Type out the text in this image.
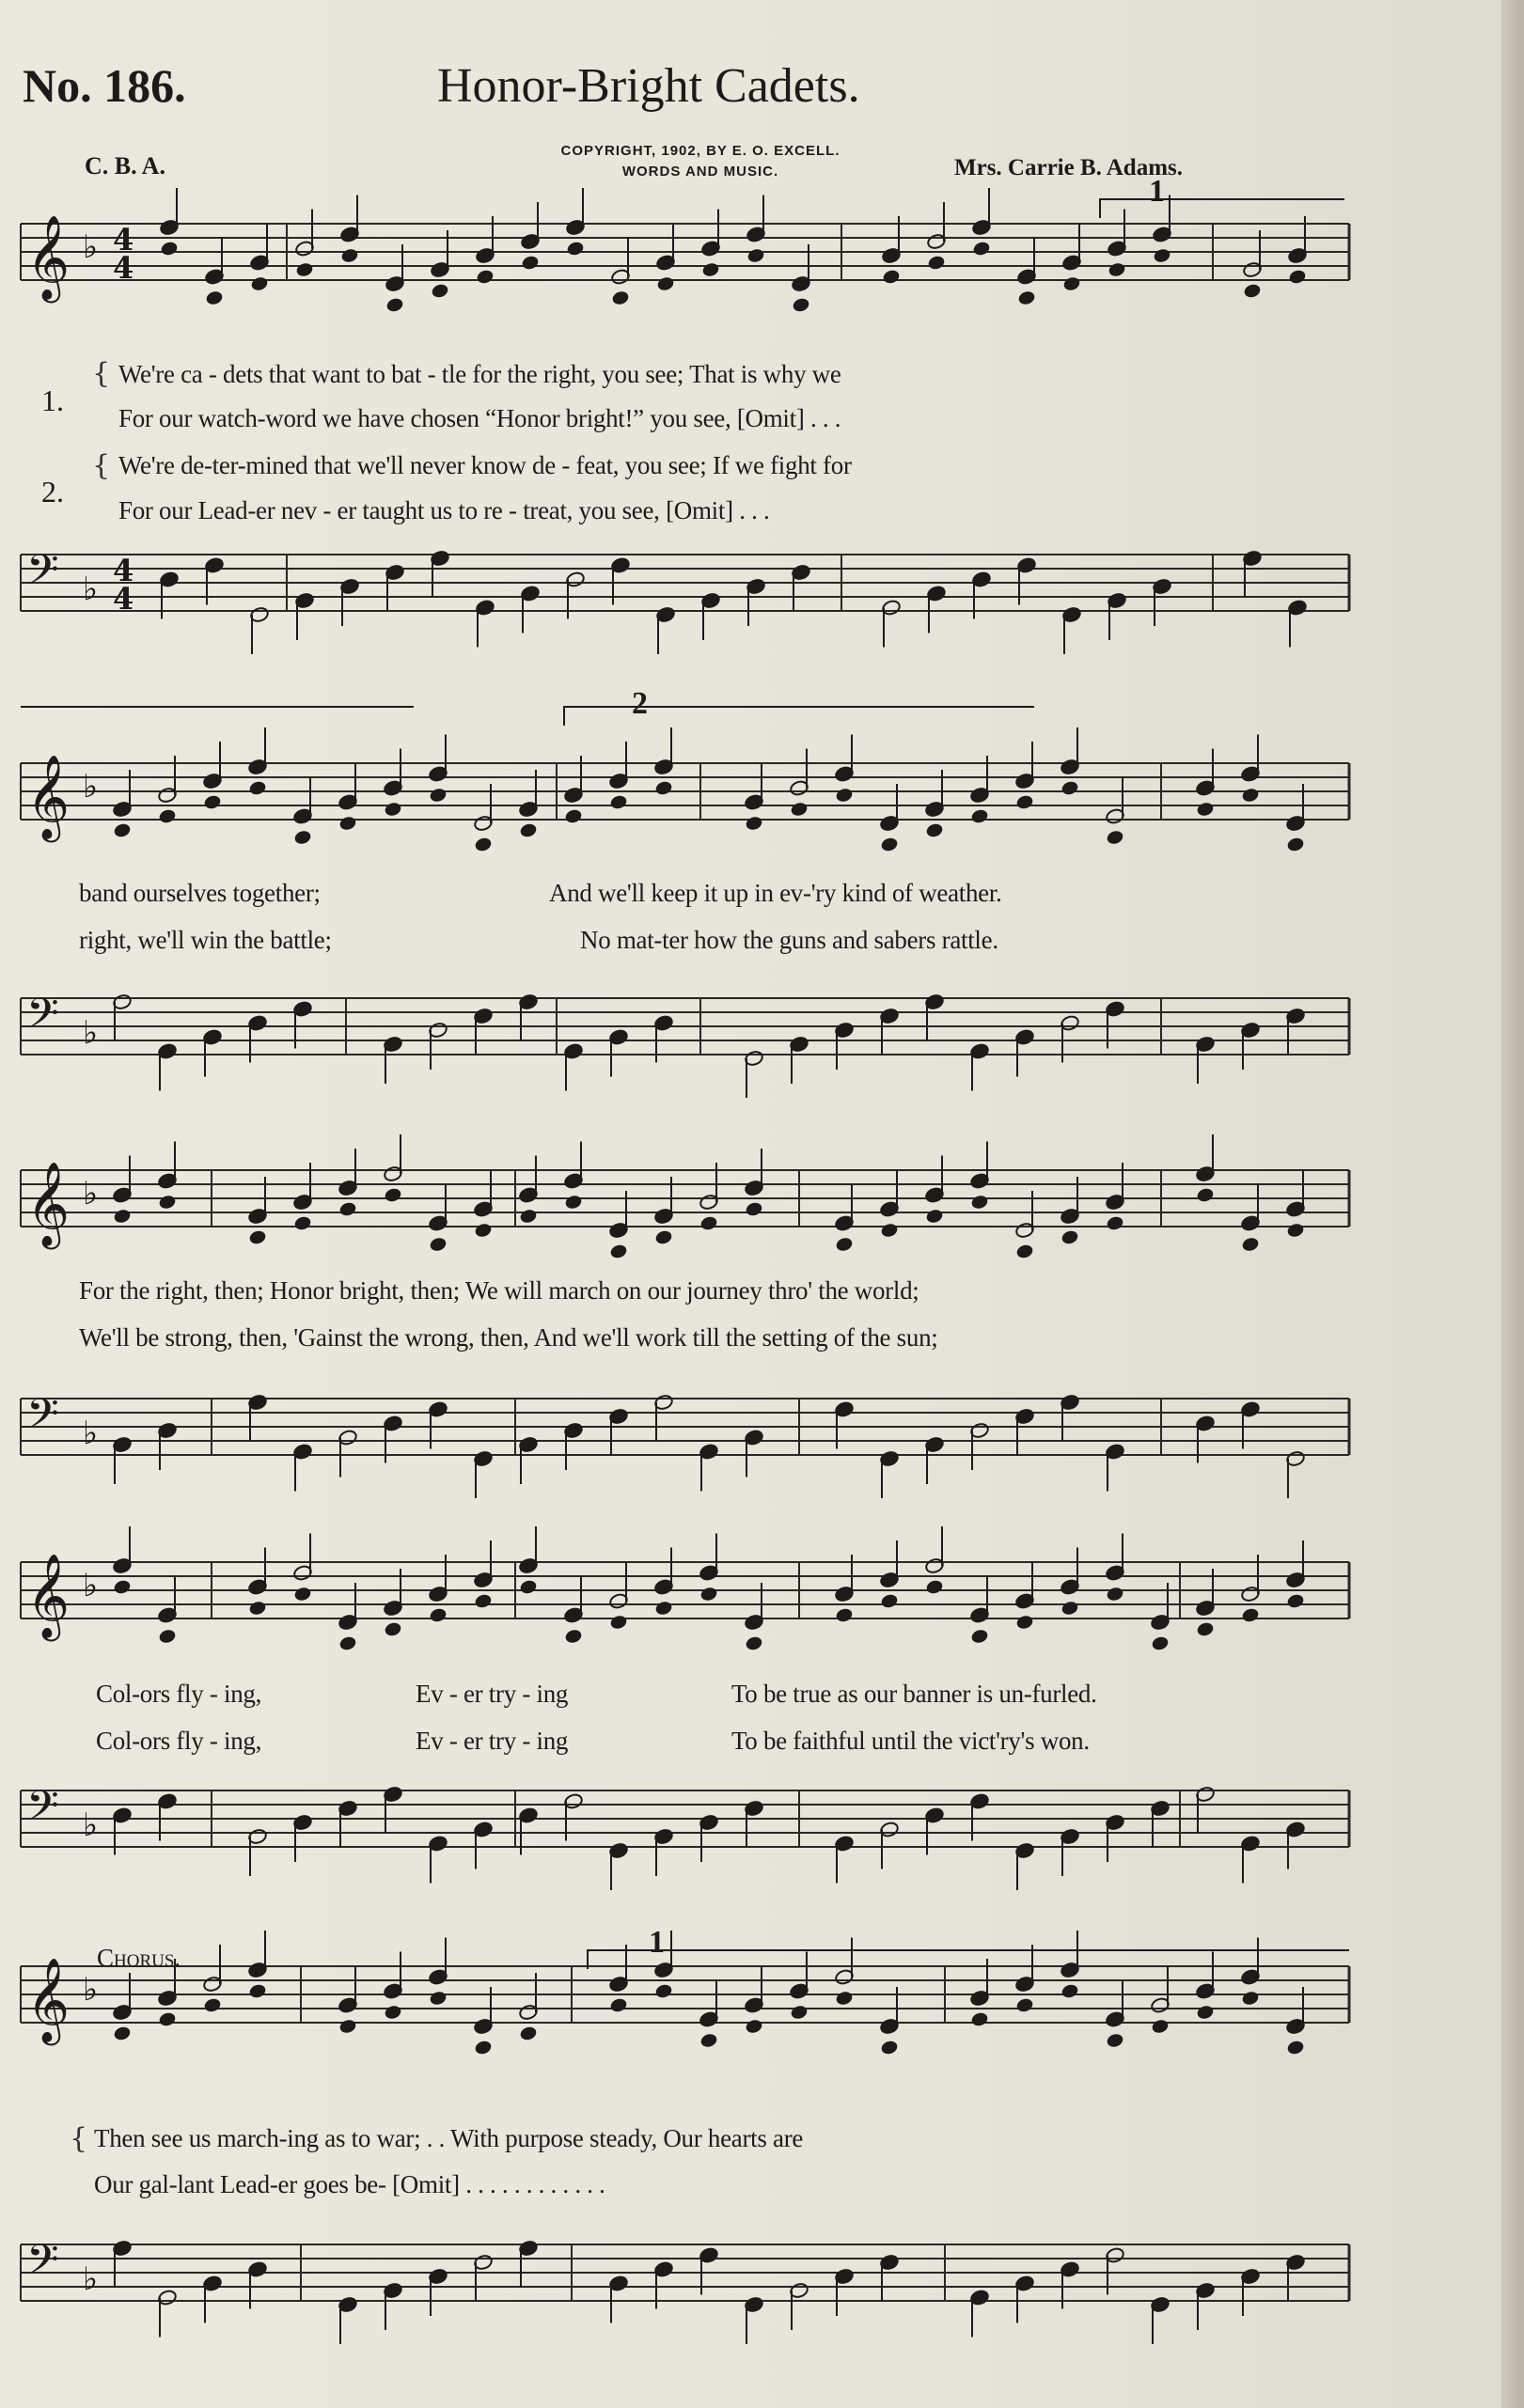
No. 186.	Honor-Bright Cadets.
C. B. A.
COPYRIGHT, 1902, BY E. O. EXCELL.
WORDS AND MUSIC.	Mrs. Carrie B. Adams.
𝄞 ♭ 4
4
𝄢 ♭ 4
4
𝄞 ♭
𝄢 ♭
𝄞 ♭
𝄢 ♭
𝄞 ♭
𝄢 ♭
𝄞 ♭
𝄢 ♭
1.
{ We're ca - dets that want to bat - tle for the right, you see; That is why we
For our watch-word we have chosen “Honor bright!” you see, [Omit] . . .
2.
{ We're de-ter-mined that we'll never know de - feat, you see; If we fight for
For our Lead-er nev - er taught us to re - treat, you see, [Omit] . . .
1
2
band ourselves together;	And we'll keep it up in ev-'ry kind of weather.
right, we'll win the battle;	No mat-ter how the guns and sabers rattle.
For the right, then; Honor bright, then; We will march on our journey thro' the world;
We'll be strong, then, 'Gainst the wrong, then, And we'll work till the setting of the sun;
Col-ors fly - ing,	Ev - er try - ing	To be true as our banner is un-furled.
Col-ors fly - ing,	Ev - er try - ing	To be faithful until the vict'ry's won.
Chorus.	1
{ Then see us march-ing as to war; . . With purpose steady, Our hearts are
Our gal-lant Lead-er goes be- [Omit] . . . . . . . . . . . .
